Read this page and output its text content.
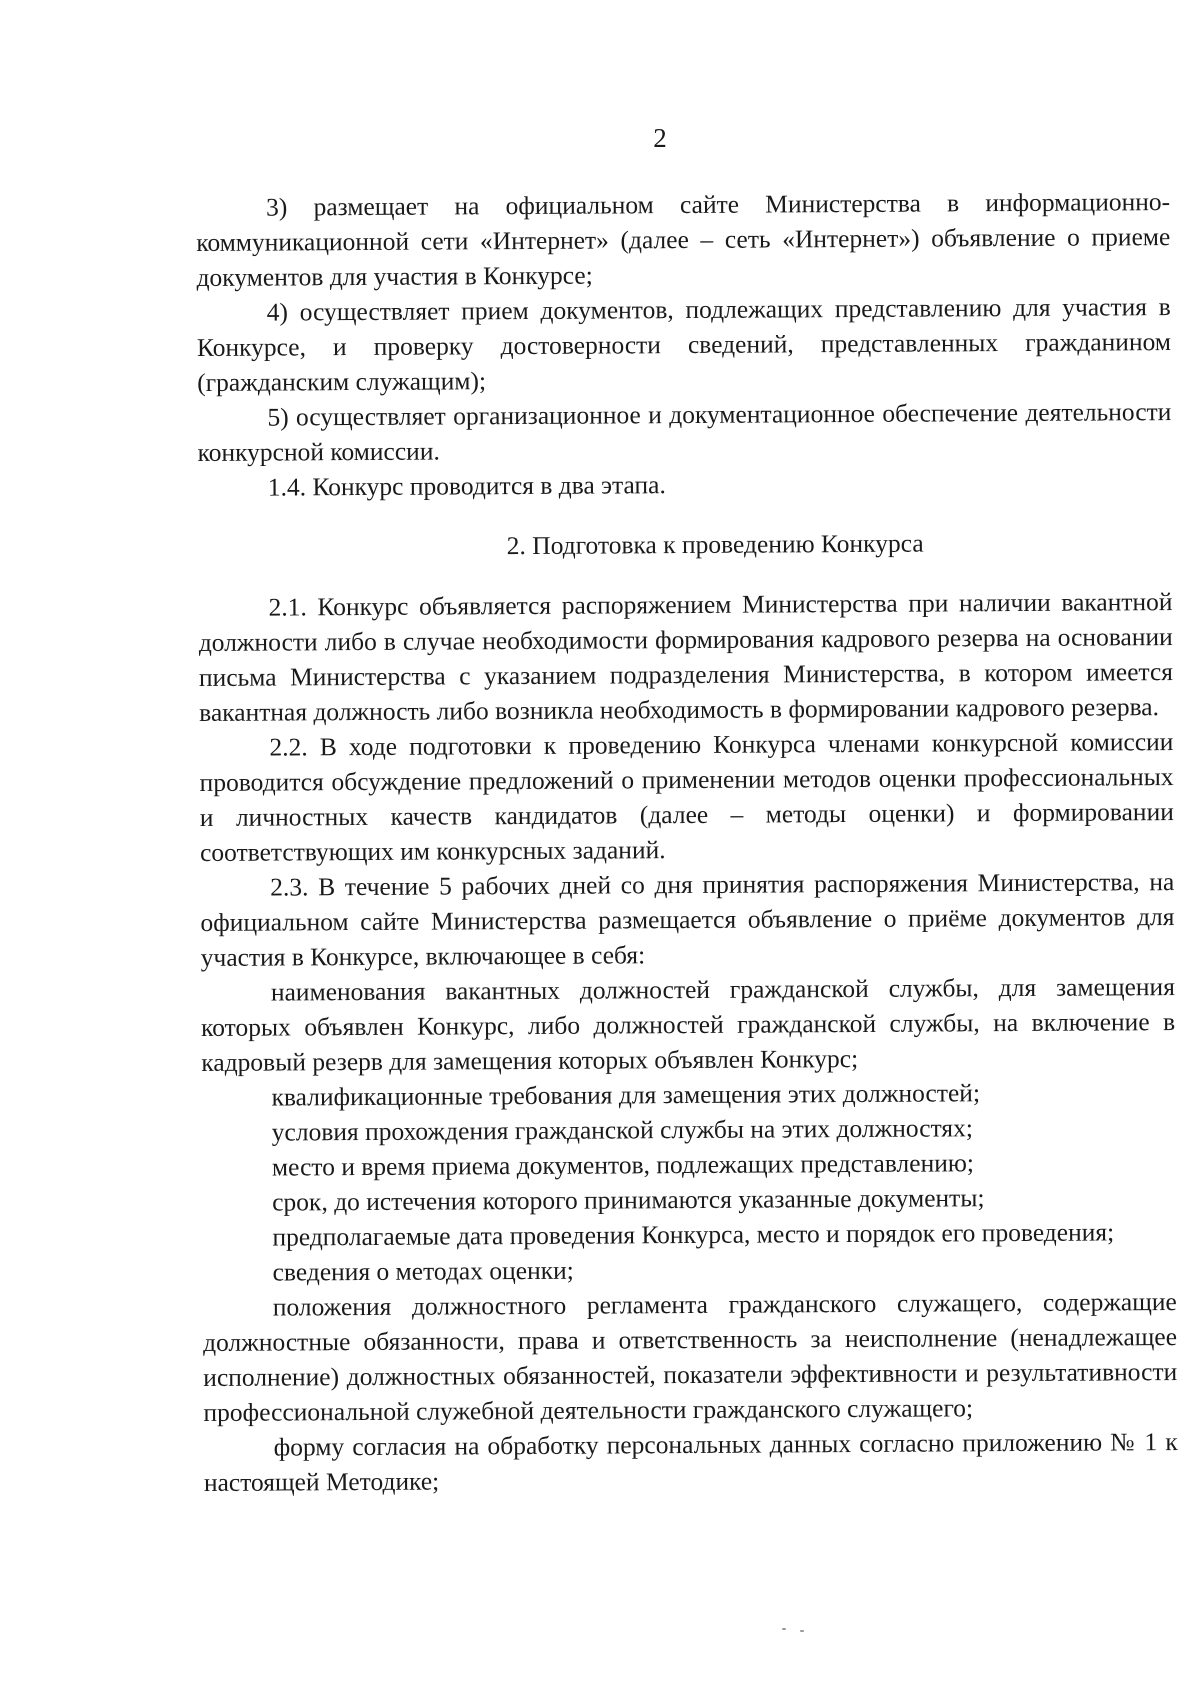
2

3) размещает на официальном сайте Министерства в информационно-коммуникационной сети «Интернет» (далее – сеть «Интернет») объявление о приеме документов для участия в Конкурсе;

4) осуществляет прием документов, подлежащих представлению для участия в Конкурсе, и проверку достоверности сведений, представленных гражданином (гражданским служащим);

5) осуществляет организационное и документационное обеспечение деятельности конкурсной комиссии.

1.4. Конкурс проводится в два этапа.

2. Подготовка к проведению Конкурса

2.1. Конкурс объявляется распоряжением Министерства при наличии вакантной должности либо в случае необходимости формирования кадрового резерва на основании письма Министерства с указанием подразделения Министерства, в котором имеется вакантная должность либо возникла необходимость в формировании кадрового резерва.

2.2. В ходе подготовки к проведению Конкурса членами конкурсной комиссии проводится обсуждение предложений о применении методов оценки профессиональных и личностных качеств кандидатов (далее – методы оценки) и формировании соответствующих им конкурсных заданий.

2.3. В течение 5 рабочих дней со дня принятия распоряжения Министерства, на официальном сайте Министерства размещается объявление о приёме документов для участия в Конкурсе, включающее в себя:

наименования вакантных должностей гражданской службы, для замещения которых объявлен Конкурс, либо должностей гражданской службы, на включение в кадровый резерв для замещения которых объявлен Конкурс;

квалификационные требования для замещения этих должностей;

условия прохождения гражданской службы на этих должностях;

место и время приема документов, подлежащих представлению;

срок, до истечения которого принимаются указанные документы;

предполагаемые дата проведения Конкурса, место и порядок его проведения;

сведения о методах оценки;

положения должностного регламента гражданского служащего, содержащие должностные обязанности, права и ответственность за неисполнение (ненадлежащее исполнение) должностных обязанностей, показатели эффективности и результативности профессиональной служебной деятельности гражданского служащего;

форму согласия на обработку персональных данных согласно приложению № 1 к настоящей Методике;
